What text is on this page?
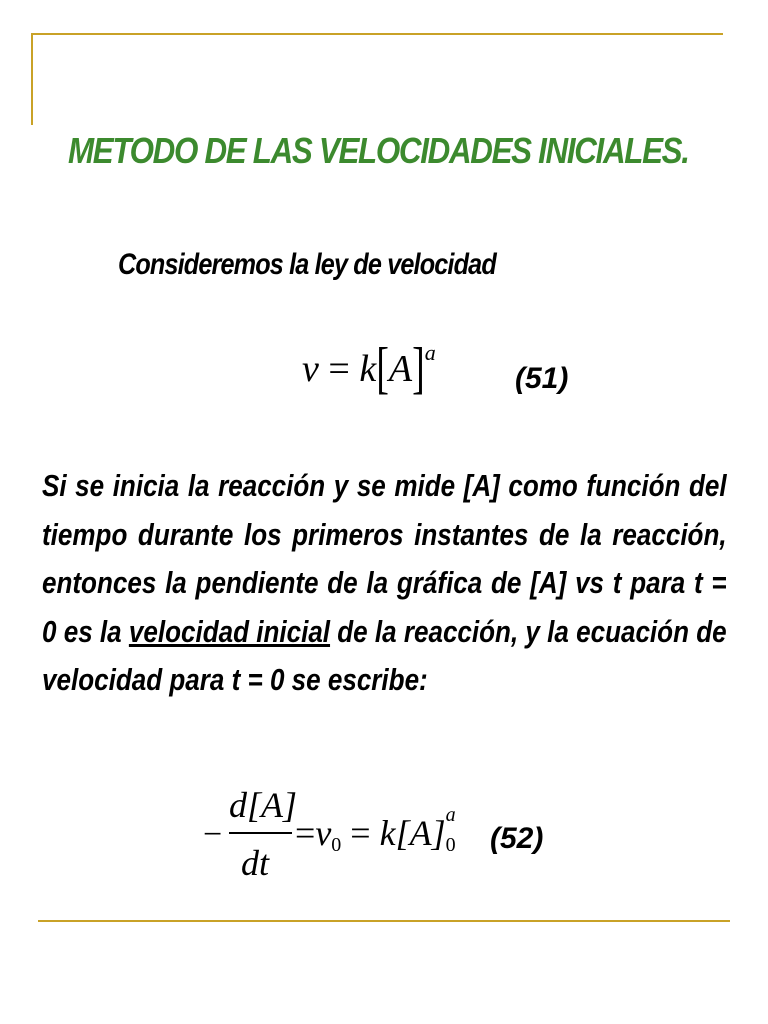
METODO DE LAS VELOCIDADES INICIALES.
Consideremos la ley de velocidad
$v = k[A]^a$
(51)
Si se inicia la reacción y se mide [A] como función del tiempo durante los primeros instantes de la reacción, entonces la pendiente de la gráfica de [A] vs t para t = 0 es la velocidad inicial de la reacción, y la ecuación de velocidad para t = 0 se escribe:
−
d[A]
dt
$=v_0 = k[A]$ a
0 (52)
